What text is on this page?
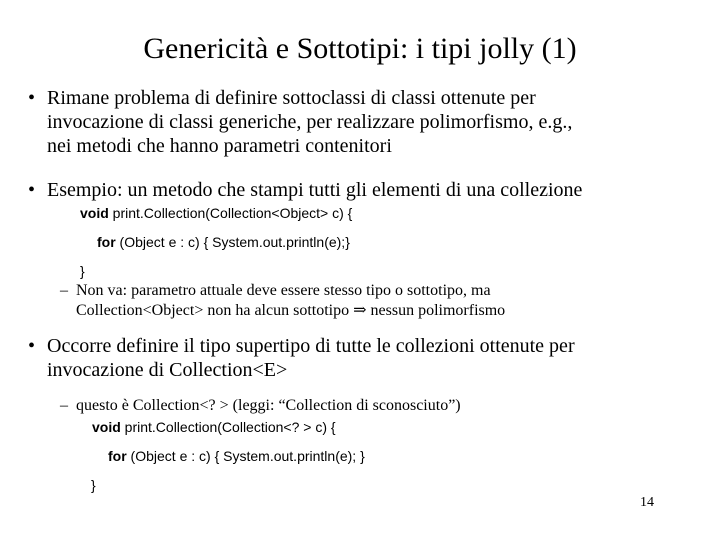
Genericità e Sottotipi: i tipi jolly (1)
• Rimane problema di definire sottoclassi di classi ottenute per
invocazione di classi generiche, per realizzare polimorfismo, e.g.,
nei metodi che hanno parametri contenitori
• Esempio: un metodo che stampi tutti gli elementi di una collezione
void print.Collection(Collection<Object> c) {
for (Object e : c) { System.out.println(e);}
}
– Non va: parametro attuale deve essere stesso tipo o sottotipo, ma
Collection<Object> non ha alcun sottotipo ⇒ nessun polimorfismo
• Occorre definire il tipo supertipo di tutte le collezioni ottenute per
invocazione di Collection<E>
– questo è Collection<? > (leggi: “Collection di sconosciuto”)
void print.Collection(Collection<? > c) {
for (Object e : c) { System.out.println(e); }
}
14
